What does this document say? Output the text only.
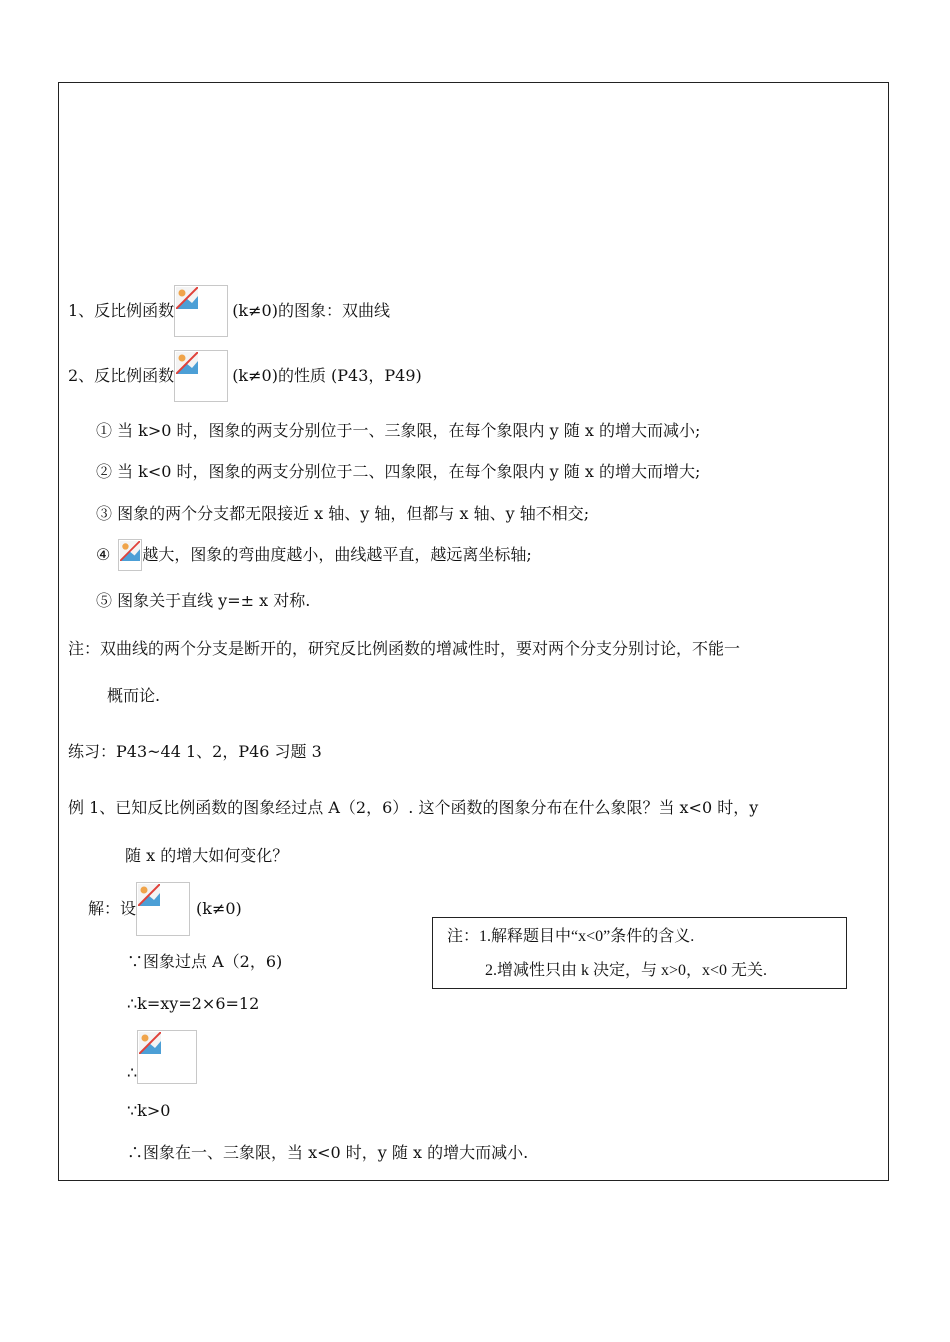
1、反比例函数	(k≠0)的图象：双曲线
2、反比例函数	(k≠0)的性质 (P43，P49)
① 当 k>0 时，图象的两支分别位于一、三象限，在每个象限内 y 随 x 的增大而减小;
② 当 k<0 时，图象的两支分别位于二、四象限，在每个象限内 y 随 x 的增大而增大;
③ 图象的两个分支都无限接近 x 轴、y 轴，但都与 x 轴、y 轴不相交;
④ 越大，图象的弯曲度越小，曲线越平直，越远离坐标轴;
⑤ 图象关于直线 y=± x 对称.
注：双曲线的两个分支是断开的，研究反比例函数的增减性时，要对两个分支分别讨论，不能一
概而论.
练习：P43~44 1、2，P46 习题 3
例 1、已知反比例函数的图象经过点 A（2，6）. 这个函数的图象分布在什么象限？当 x<0 时，y
随 x 的增大如何变化？
解：设	(k≠0)
∵图象过点 A（2，6)
∴k=xy=2×6=12
∴
∵k>0
∴图象在一、三象限，当 x<0 时，y 随 x 的增大而减小.
注：1.解释题目中“x<0”条件的含义.
2.增减性只由 k 决定，与 x>0，x<0 无关.
